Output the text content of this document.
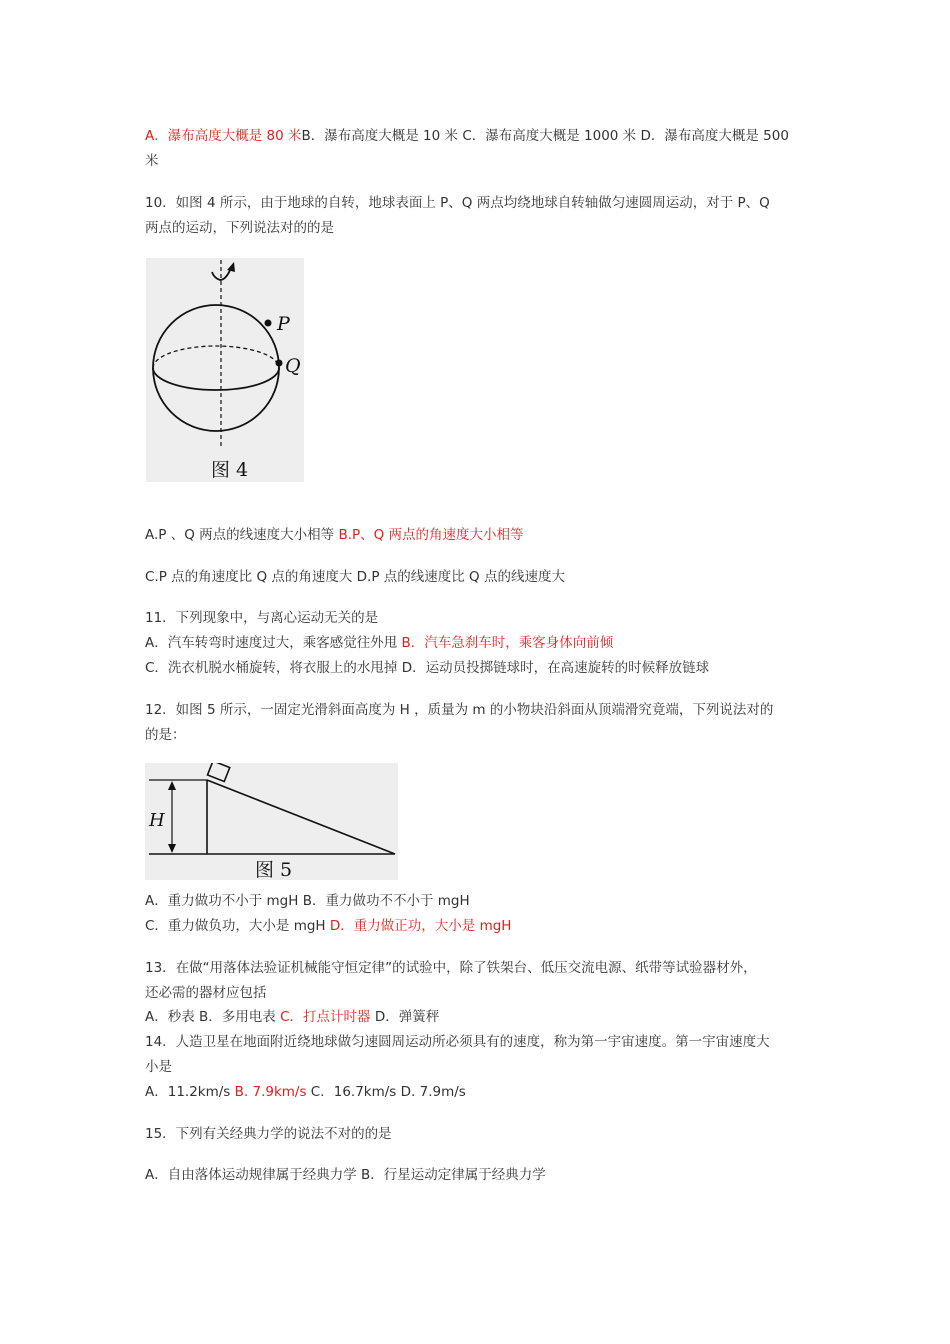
A．瀑布高度大概是 80 米B．瀑布高度大概是 10 米 C．瀑布高度大概是 1000 米 D．瀑布高度大概是 500
米
10．如图 4 所示，由于地球的自转，地球表面上 P、Q 两点均绕地球自转轴做匀速圆周运动，对于 P、Q
两点的运动，下列说法对的的是
P
Q
图 4
A.P 、Q 两点的线速度大小相等 B.P、Q 两点的角速度大小相等
C.P 点的角速度比 Q 点的角速度大 D.P 点的线速度比 Q 点的线速度大
11．下列现象中，与离心运动无关的是
A．汽车转弯时速度过大，乘客感觉往外甩 B．汽车急刹车时，乘客身体向前倾
C．洗衣机脱水桶旋转，将衣服上的水甩掉 D．运动员投掷链球时，在高速旋转的时候释放链球
12．如图 5 所示，一固定光滑斜面高度为 H ，质量为 m 的小物块沿斜面从顶端滑究竟端，下列说法对的
的是：
H
图 5
A．重力做功不小于 mgH B．重力做功不不小于 mgH
C．重力做负功，大小是 mgH D．重力做正功，大小是 mgH
13．在做“用落体法验证机械能守恒定律”的试验中，除了铁架台、低压交流电源、纸带等试验器材外，
还必需的器材应包括
A．秒表 B．多用电表 C．打点计时器 D．弹簧秤
14．人造卫星在地面附近绕地球做匀速圆周运动所必须具有的速度，称为第一宇宙速度。第一宇宙速度大
小是
A．11.2km/s B. 7.9km/s C．16.7km/s D. 7.9m/s
15．下列有关经典力学的说法不对的的是
A．自由落体运动规律属于经典力学 B．行星运动定律属于经典力学
